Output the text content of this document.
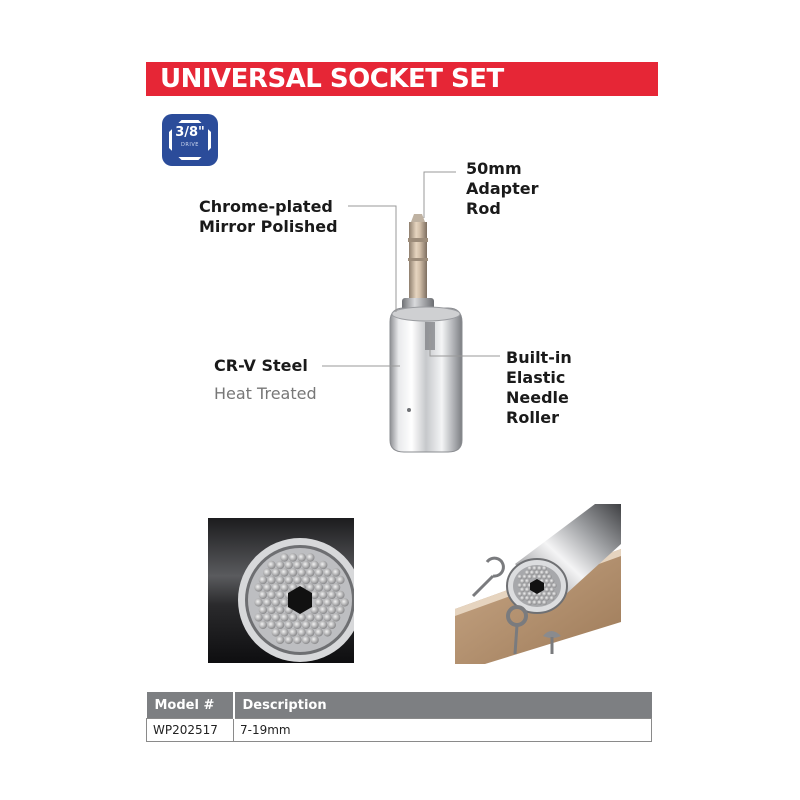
UNIVERSAL SOCKET SET
3/8"
DRIVE
Chrome-plated
Mirror Polished
50mm
Adapter
Rod
CR-V Steel
Heat Treated
Built-in
Elastic
Needle
Roller
Model #	Description
WP202517	7-19mm
